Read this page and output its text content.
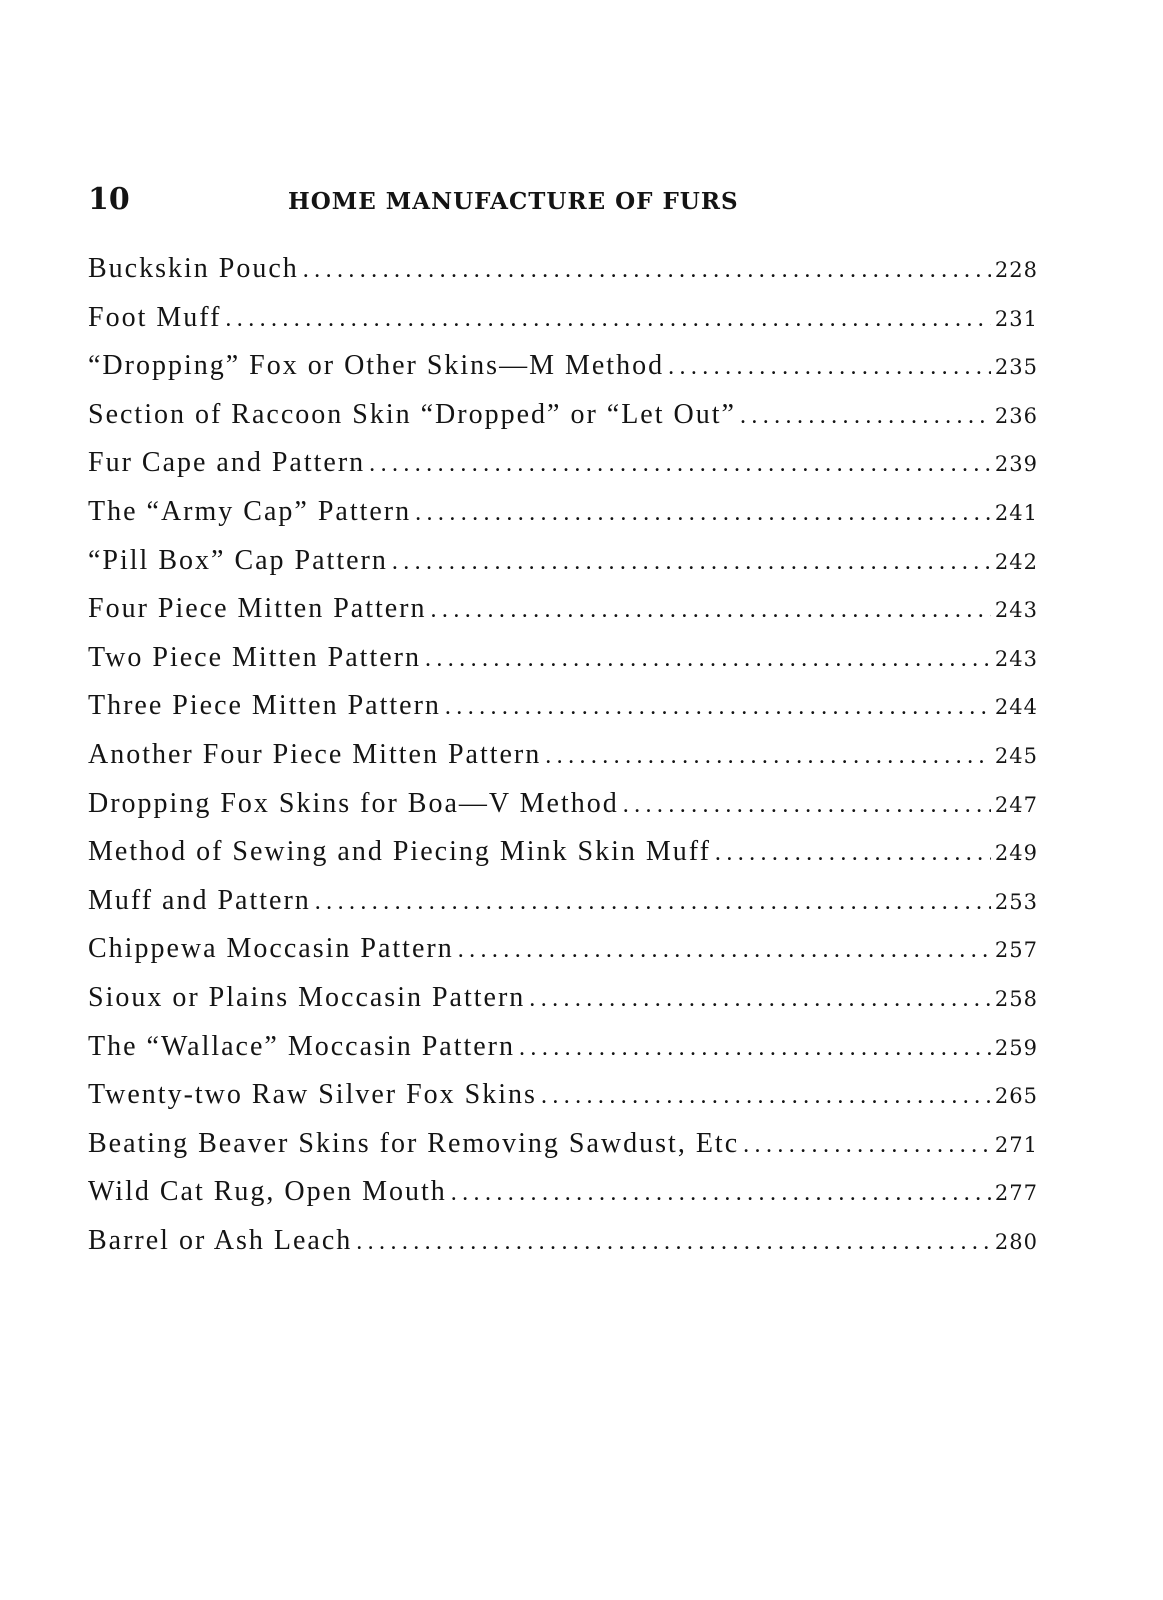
10	HOME MANUFACTURE OF FURS
Buckskin Pouch .....	228
Foot Muff .....	231
“Dropping” Fox or Other Skins—M Method .....	235
Section of Raccoon Skin “Dropped” or “Let Out” .....	236
Fur Cape and Pattern .....	239
The “Army Cap” Pattern .....	241
“Pill Box” Cap Pattern .....	242
Four Piece Mitten Pattern .....	243
Two Piece Mitten Pattern .....	243
Three Piece Mitten Pattern .....	244
Another Four Piece Mitten Pattern .....	245
Dropping Fox Skins for Boa—V Method .....	247
Method of Sewing and Piecing Mink Skin Muff .....	249
Muff and Pattern .....	253
Chippewa Moccasin Pattern .....	257
Sioux or Plains Moccasin Pattern .....	258
The “Wallace” Moccasin Pattern .....	259
Twenty-two Raw Silver Fox Skins .....	265
Beating Beaver Skins for Removing Sawdust, Etc .....	271
Wild Cat Rug, Open Mouth .....	277
Barrel or Ash Leach .....	280
